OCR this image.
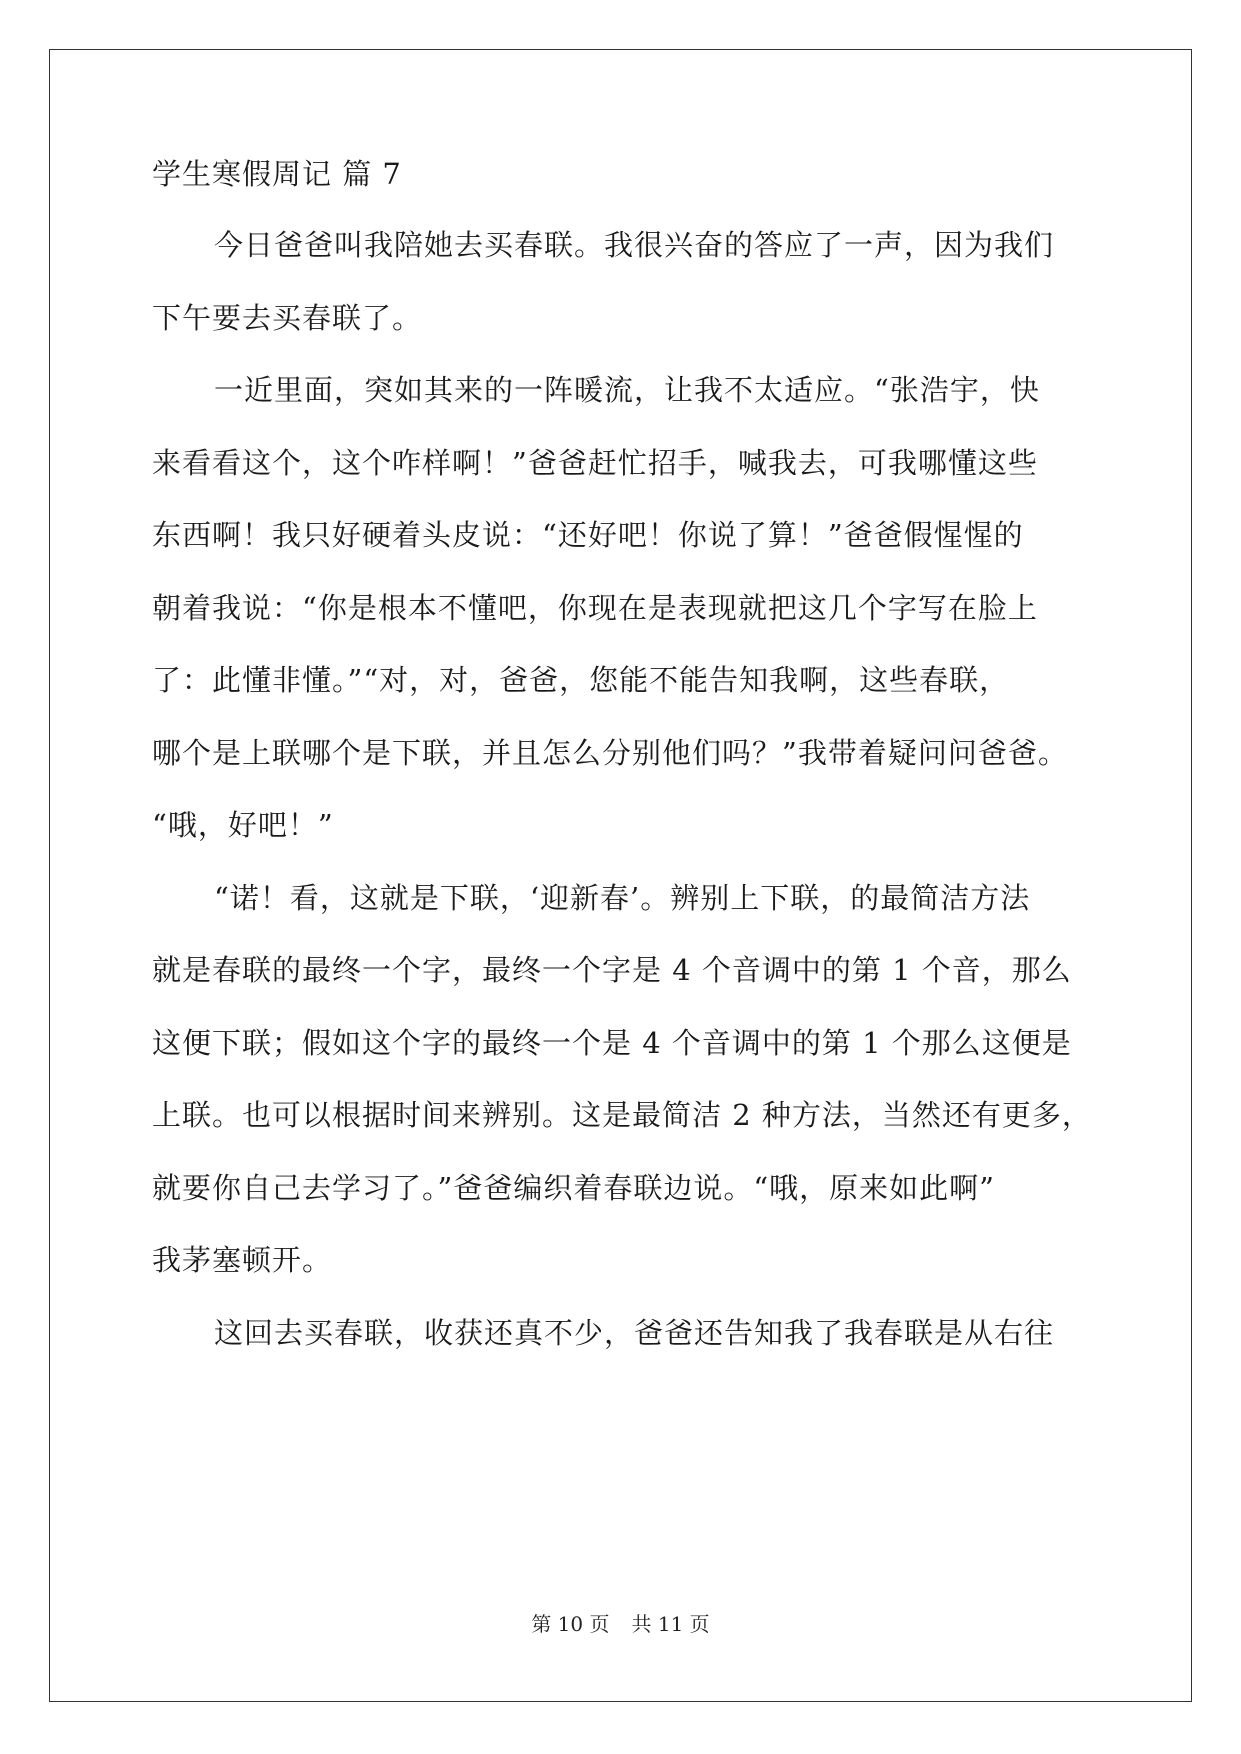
学生寒假周记 篇 7
今日爸爸叫我陪她去买春联。我很兴奋的答应了一声，因为我们
下午要去买春联了。
一近里面，突如其来的一阵暖流，让我不太适应。“张浩宇，快
来看看这个，这个咋样啊！”爸爸赶忙招手，喊我去，可我哪懂这些
东西啊！我只好硬着头皮说：“还好吧！你说了算！”爸爸假惺惺的
朝着我说：“你是根本不懂吧，你现在是表现就把这几个字写在脸上
了：此懂非懂。”“对，对，爸爸，您能不能告知我啊，这些春联，
哪个是上联哪个是下联，并且怎么分别他们吗？”我带着疑问问爸爸。
“哦，好吧！”
“诺！看，这就是下联，‘迎新春’。辨别上下联，的最简洁方法
就是春联的最终一个字，最终一个字是 4 个音调中的第 1 个音，那么
这便下联；假如这个字的最终一个是 4 个音调中的第 1 个那么这便是
上联。也可以根据时间来辨别。这是最简洁 2 种方法，当然还有更多，
就要你自己去学习了。”爸爸编织着春联边说。“哦，原来如此啊”
我茅塞顿开。
这回去买春联，收获还真不少，爸爸还告知我了我春联是从右往
第 10 页 共 11 页
